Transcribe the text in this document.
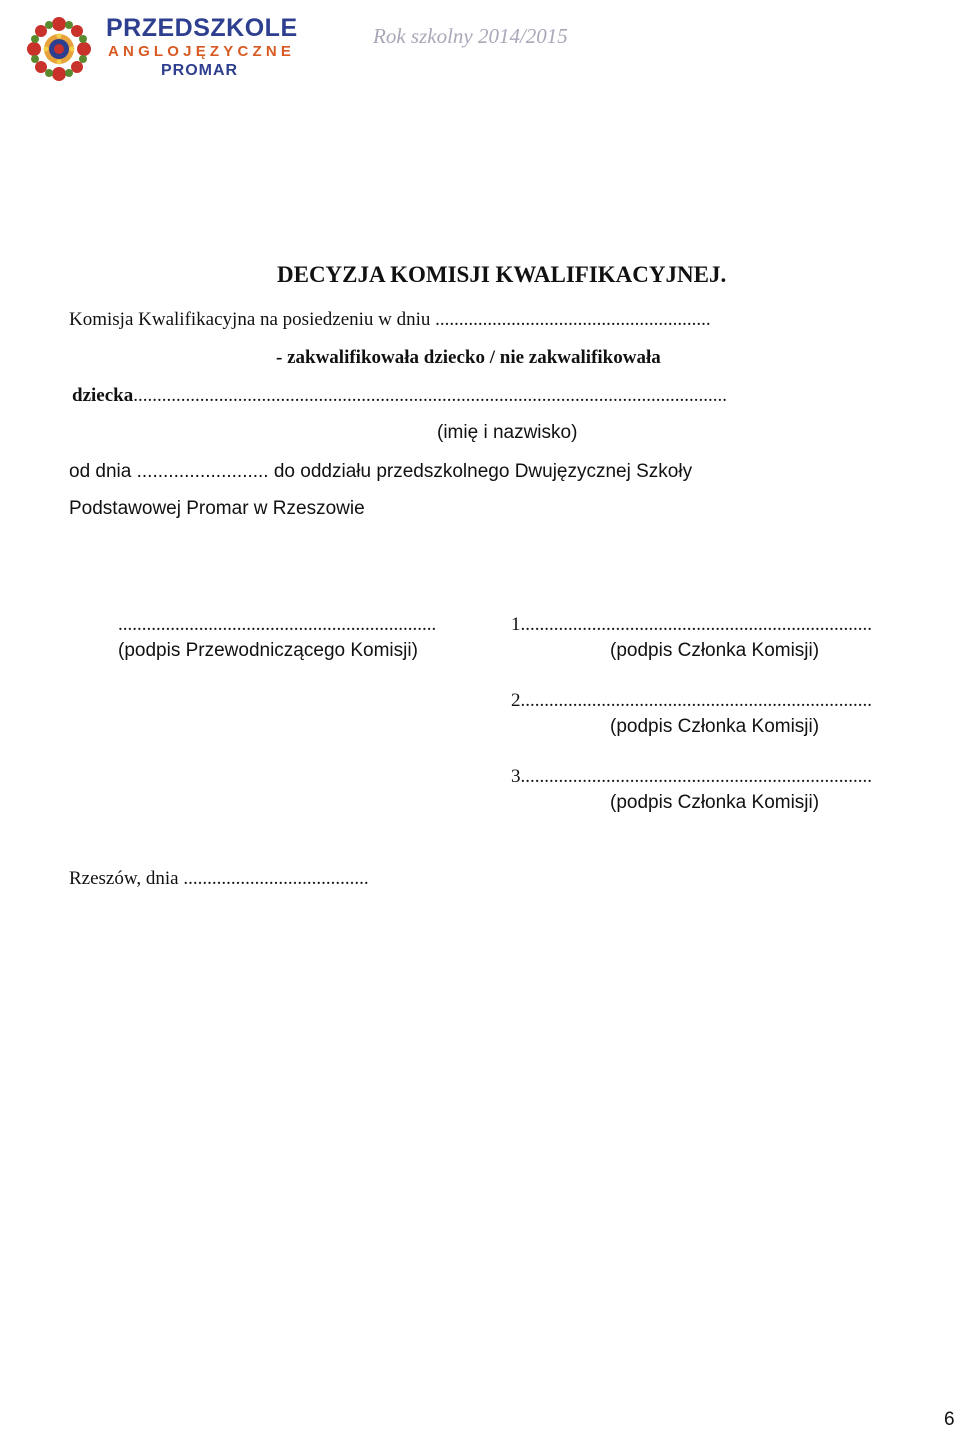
PRZEDSZKOLE
ANGLOJĘZYCZNE
PROMAR
Rok szkolny 2014/2015
DECYZJA KOMISJI KWALIFIKACYJNEJ.
Komisja Kwalifikacyjna na posiedzeniu w dniu ..........................................................
- zakwalifikowała dziecko / nie zakwalifikowała
dziecka.............................................................................................................................
(imię i nazwisko)
od dnia ......................... do oddziału przedszkolnego Dwujęzycznej Szkoły
Podstawowej Promar w Rzeszowie
...................................................................
(podpis Przewodniczącego Komisji)
1..........................................................................
(podpis Członka Komisji)
2..........................................................................
(podpis Członka Komisji)
3..........................................................................
(podpis Członka Komisji)
Rzeszów, dnia .......................................
6
